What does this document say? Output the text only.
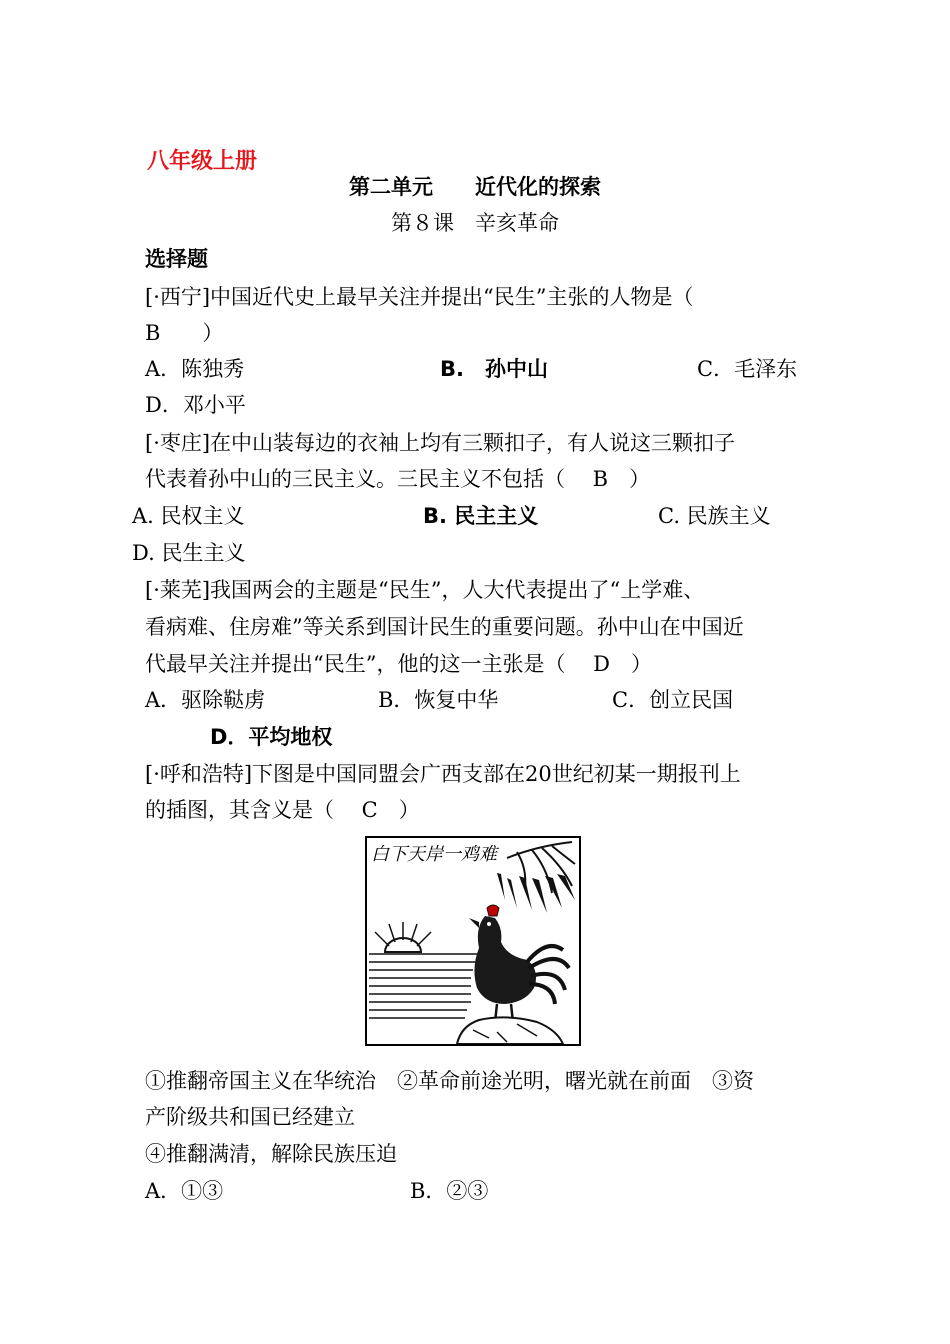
八年级上册
第二单元　　近代化的探索
第８课　辛亥革命
选择题
[·西宁]中国近代史上最早关注并提出“民生”主张的人物是（
B　　）
A．陈独秀	B.　孙中山	C．毛泽东
D．邓小平
[·枣庄]在中山装每边的衣袖上均有三颗扣子，有人说这三颗扣子
代表着孙中山的三民主义。三民主义不包括（　 B　）
A. 民权主义	B. 民主主义	C. 民族主义
D. 民生主义
[·莱芜]我国两会的主题是“民生”，人大代表提出了“上学难、
看病难、住房难”等关系到国计民生的重要问题。孙中山在中国近
代最早关注并提出“民生”，他的这一主张是（　 D　）
A．驱除鞑虏	B．恢复中华	C．创立民国
D．平均地权
[·呼和浩特]下图是中国同盟会广西支部在20世纪初某一期报刊上
的插图，其含义是（　 C　）
白下天岸一鸡难
①推翻帝国主义在华统治　②革命前途光明，曙光就在前面　③资
产阶级共和国已经建立
④推翻满清，解除民族压迫
A．①③	B．②③
